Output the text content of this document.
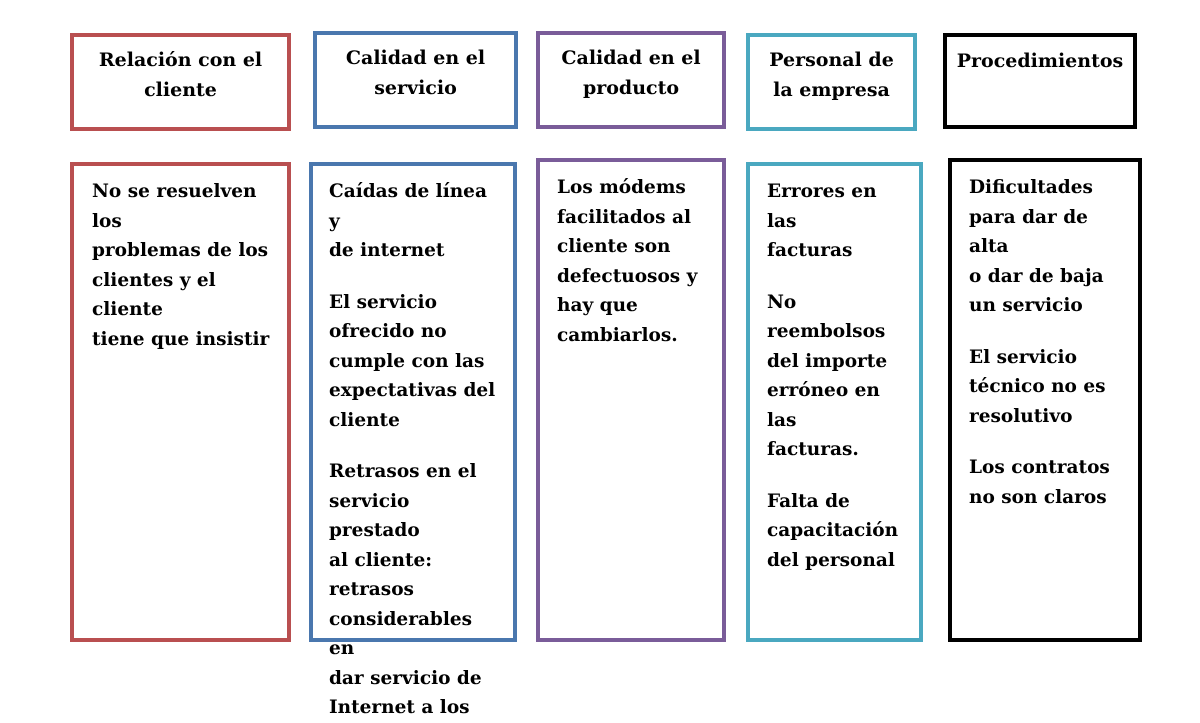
Relación con el
cliente

No se resuelven los
problemas de los
clientes y el cliente
tiene que insistir

Calidad en el
servicio

Caídas de línea y
de internet

El servicio
ofrecido no
cumple con las
expectativas del
cliente

Retrasos en el
servicio prestado
al cliente:
retrasos
considerables en
dar servicio de
Internet a los

Calidad en el
producto

Los módems
facilitados al
cliente son
defectuosos y
hay que
cambiarlos.

Personal de
la empresa

Errores en las
facturas

No
reembolsos
del importe
erróneo en las
facturas.

Falta de
capacitación
del personal

Procedimientos

Dificultades
para dar de alta
o dar de baja
un servicio

El servicio
técnico no es
resolutivo

Los contratos
no son claros
